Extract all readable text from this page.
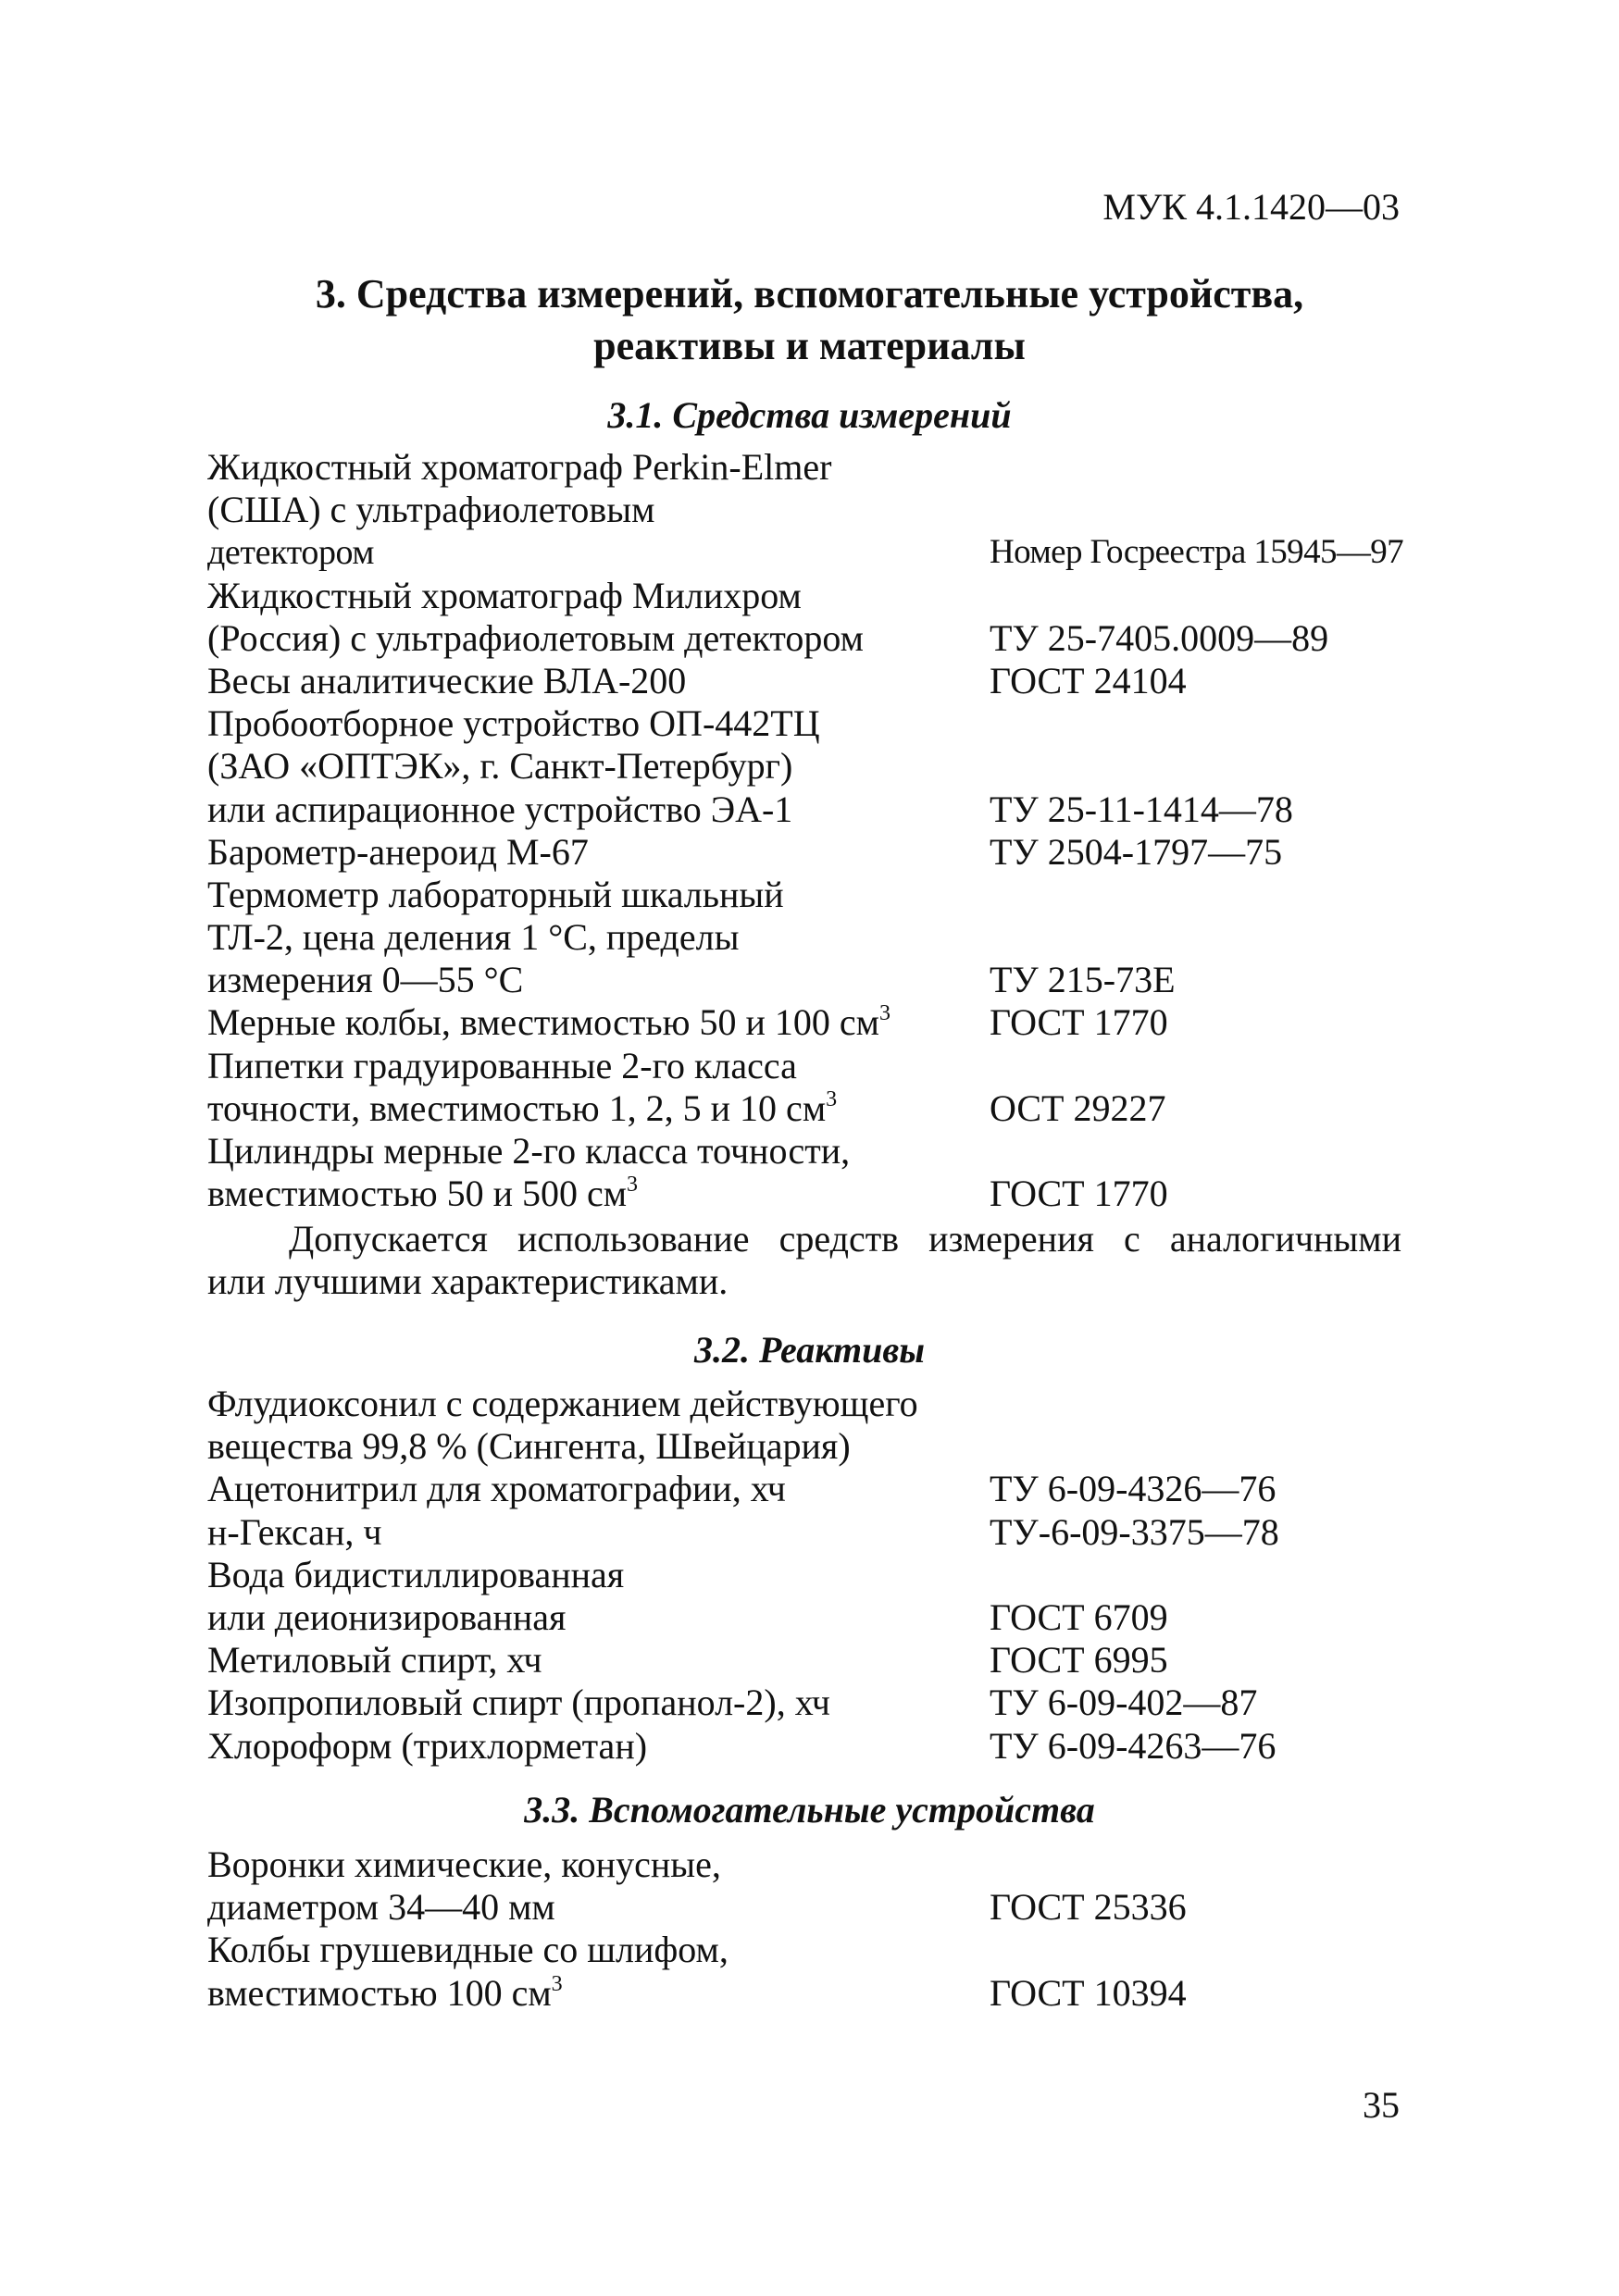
МУК 4.1.1420—03
3. Средства измерений, вспомогательные устройства,
реактивы и материалы
3.1. Средства измерений
Жидкостный хроматограф Perkin-Elmer
(США) с ультрафиолетовым
детектором	Номер Госреестра 15945—97
Жидкостный хроматограф Милихром
(Россия) с ультрафиолетовым детектором	ТУ 25-7405.0009—89
Весы аналитические ВЛА-200	ГОСТ 24104
Пробоотборное устройство ОП-442ТЦ
(ЗАО «ОПТЭК», г. Санкт-Петербург)
или аспирационное устройство ЭА-1	ТУ 25-11-1414—78
Барометр-анероид М-67	ТУ 2504-1797—75
Термометр лабораторный шкальный
ТЛ-2, цена деления 1 °С, пределы
измерения 0—55 °С	ТУ 215-73Е
Мерные колбы, вместимостью 50 и 100 $см^3$	ГОСТ 1770
Пипетки градуированные 2-го класса
точности, вместимостью 1, 2, 5 и 10 $см^3$	ОСТ 29227
Цилиндры мерные 2-го класса точности,
вместимостью 50 и 500 $см^3$	ГОСТ 1770
Допускается использование средств измерения с аналогичными
или лучшими характеристиками.
3.2. Реактивы
Флудиоксонил с содержанием действующего
вещества 99,8 % (Сингента, Швейцария)
Ацетонитрил для хроматографии, хч	ТУ 6-09-4326—76
н-Гексан, ч	ТУ-6-09-3375—78
Вода бидистиллированная
или деионизированная	ГОСТ 6709
Метиловый спирт, хч	ГОСТ 6995
Изопропиловый спирт (пропанол-2), хч	ТУ 6-09-402—87
Хлороформ (трихлорметан)	ТУ 6-09-4263—76
3.3. Вспомогательные устройства
Воронки химические, конусные,
диаметром 34—40 мм	ГОСТ 25336
Колбы грушевидные со шлифом,
вместимостью 100 $см^3$	ГОСТ 10394
35
